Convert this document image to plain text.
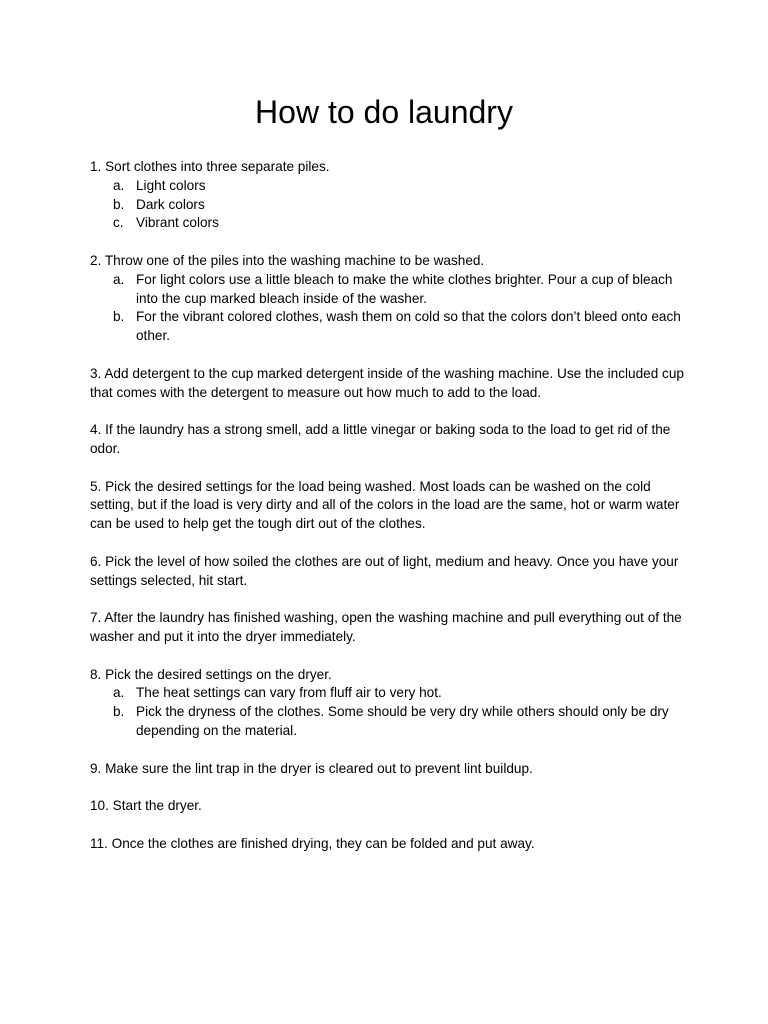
How to do laundry

1. Sort clothes into three separate piles.

a. Light colors
b. Dark colors
c. Vibrant colors

2. Throw one of the piles into the washing machine to be washed.

a. For light colors use a little bleach to make the white clothes brighter. Pour a cup of bleach into the cup marked bleach inside of the washer.
b. For the vibrant colored clothes, wash them on cold so that the colors don’t bleed onto each other.

3. Add detergent to the cup marked detergent inside of the washing machine. Use the included cup that comes with the detergent to measure out how much to add to the load.

4. If the laundry has a strong smell, add a little vinegar or baking soda to the load to get rid of the odor.

5. Pick the desired settings for the load being washed. Most loads can be washed on the cold setting, but if the load is very dirty and all of the colors in the load are the same, hot or warm water can be used to help get the tough dirt out of the clothes.

6. Pick the level of how soiled the clothes are out of light, medium and heavy. Once you have your settings selected, hit start.

7. After the laundry has finished washing, open the washing machine and pull everything out of the washer and put it into the dryer immediately.

8. Pick the desired settings on the dryer.

a. The heat settings can vary from fluff air to very hot.
b. Pick the dryness of the clothes. Some should be very dry while others should only be dry depending on the material.

9. Make sure the lint trap in the dryer is cleared out to prevent lint buildup.

10. Start the dryer.

11. Once the clothes are finished drying, they can be folded and put away.
